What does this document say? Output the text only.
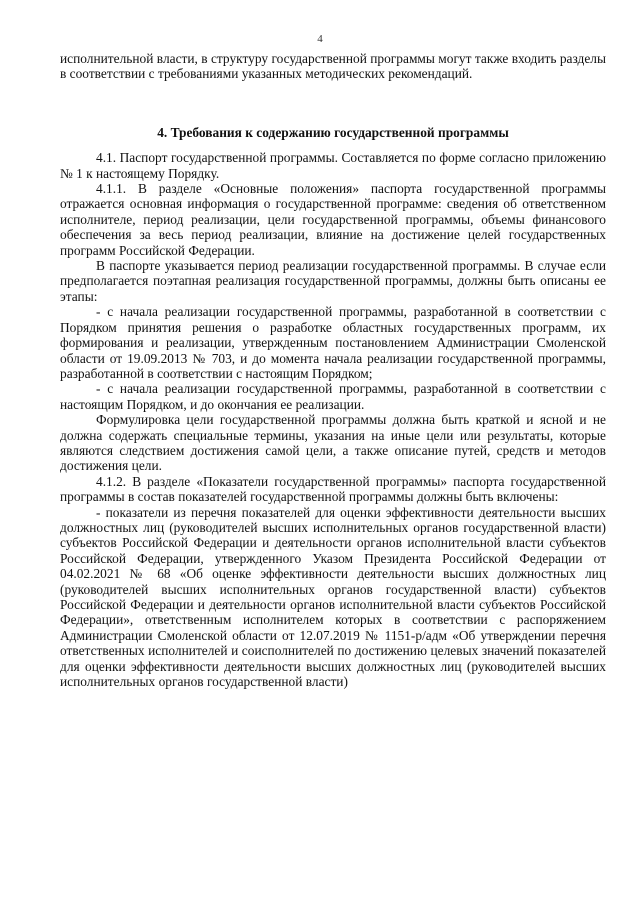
4

исполнительной власти, в структуру государственной программы могут также входить разделы в соответствии с требованиями указанных методических рекомендаций.

4. Требования к содержанию государственной программы

4.1. Паспорт государственной программы. Составляется по форме согласно приложению № 1 к настоящему Порядку.

4.1.1. В разделе «Основные положения» паспорта государственной программы отражается основная информация о государственной программе: сведения об ответственном исполнителе, период реализации, цели государственной программы, объемы финансового обеспечения за весь период реализации, влияние на достижение целей государственных программ Российской Федерации.

В паспорте указывается период реализации государственной программы. В случае если предполагается поэтапная реализация государственной программы, должны быть описаны ее этапы:

- с начала реализации государственной программы, разработанной в соответствии с Порядком принятия решения о разработке областных государственных программ, их формирования и реализации, утвержденным постановлением Администрации Смоленской области от 19.09.2013 № 703, и до момента начала реализации государственной программы, разработанной в соответствии с настоящим Порядком;

- с начала реализации государственной программы, разработанной в соответствии с настоящим Порядком, и до окончания ее реализации.

Формулировка цели государственной программы должна быть краткой и ясной и не должна содержать специальные термины, указания на иные цели или результаты, которые являются следствием достижения самой цели, а также описание путей, средств и методов достижения цели.

4.1.2. В разделе «Показатели государственной программы» паспорта государственной программы в состав показателей государственной программы должны быть включены:

- показатели из перечня показателей для оценки эффективности деятельности высших должностных лиц (руководителей высших исполнительных органов государственной власти) субъектов Российской Федерации и деятельности органов исполнительной власти субъектов Российской Федерации, утвержденного Указом Президента Российской Федерации от 04.02.2021 № 68 «Об оценке эффективности деятельности высших должностных лиц (руководителей высших исполнительных органов государственной власти) субъектов Российской Федерации и деятельности органов исполнительной власти субъектов Российской Федерации», ответственным исполнителем которых в соответствии с распоряжением Администрации Смоленской области от 12.07.2019 № 1151-р/адм «Об утверждении перечня ответственных исполнителей и соисполнителей по достижению целевых значений показателей для оценки эффективности деятельности высших должностных лиц (руководителей высших исполнительных органов государственной власти)
